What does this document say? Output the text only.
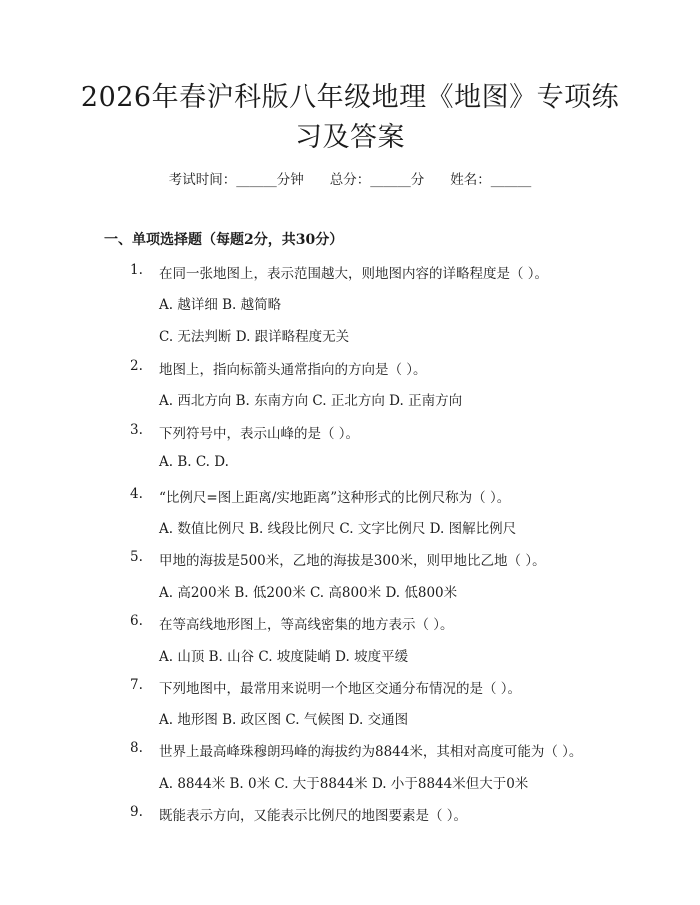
2026年春沪科版八年级地理《地图》专项练
习及答案
考试时间：______分钟 总分：______分 姓名：______
一、单项选择题（每题2分，共30分）
1. 在同一张地图上，表示范围越大，则地图内容的详略程度是（ ）。
A. 越详细 B. 越简略
C. 无法判断 D. 跟详略程度无关
2. 地图上，指向标箭头通常指向的方向是（ ）。
A. 西北方向 B. 东南方向 C. 正北方向 D. 正南方向
3. 下列符号中，表示山峰的是（ ）。
A. B. C. D.
4. “比例尺=图上距离/实地距离”这种形式的比例尺称为（ ）。
A. 数值比例尺 B. 线段比例尺 C. 文字比例尺 D. 图解比例尺
5. 甲地的海拔是500米，乙地的海拔是300米，则甲地比乙地（ ）。
A. 高200米 B. 低200米 C. 高800米 D. 低800米
6. 在等高线地形图上，等高线密集的地方表示（ ）。
A. 山顶 B. 山谷 C. 坡度陡峭 D. 坡度平缓
7. 下列地图中，最常用来说明一个地区交通分布情况的是（ ）。
A. 地形图 B. 政区图 C. 气候图 D. 交通图
8. 世界上最高峰珠穆朗玛峰的海拔约为8844米，其相对高度可能为（ ）。
A. 8844米 B. 0米 C. 大于8844米 D. 小于8844米但大于0米
9. 既能表示方向，又能表示比例尺的地图要素是（ ）。
